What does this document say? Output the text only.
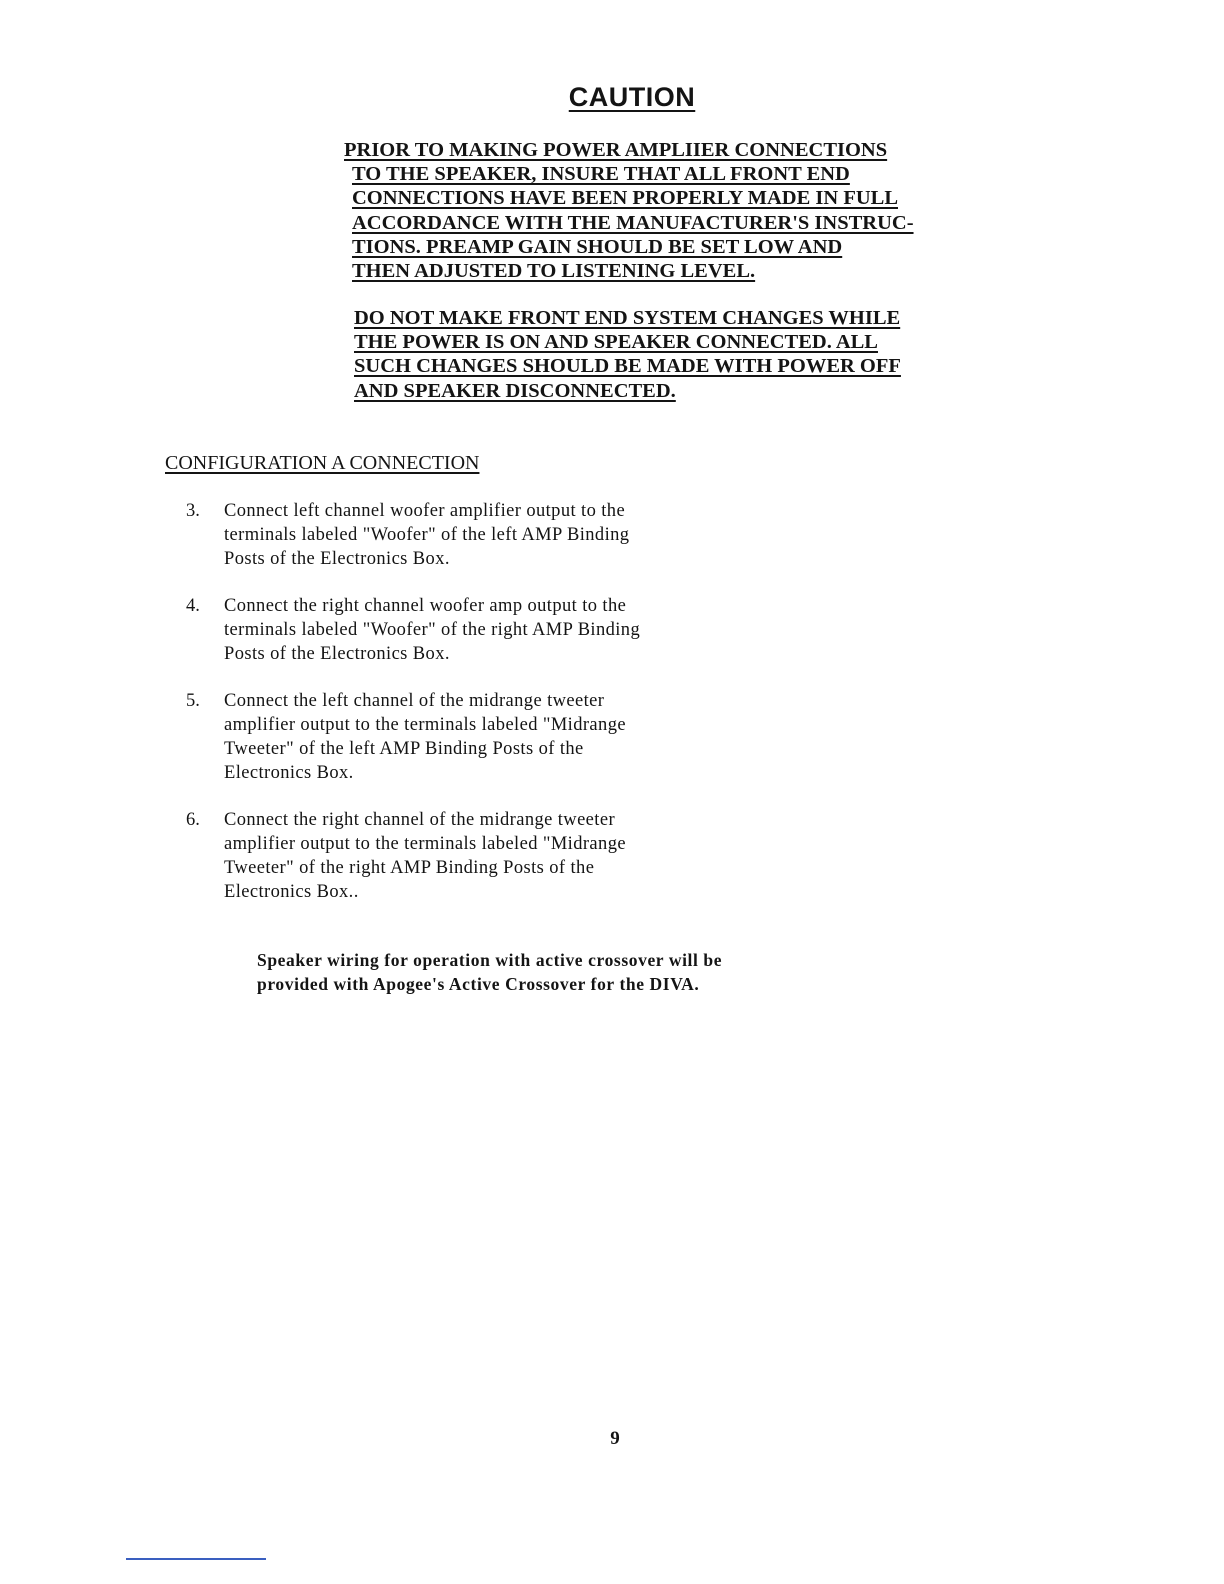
CAUTION
PRIOR TO MAKING POWER AMPLIIER CONNECTIONS
TO THE SPEAKER, INSURE THAT ALL FRONT END
CONNECTIONS HAVE BEEN PROPERLY MADE IN FULL
ACCORDANCE WITH THE MANUFACTURER'S INSTRUC-
TIONS. PREAMP GAIN SHOULD BE SET LOW AND
THEN ADJUSTED TO LISTENING LEVEL.
DO NOT MAKE FRONT END SYSTEM CHANGES WHILE
THE POWER IS ON AND SPEAKER CONNECTED. ALL
SUCH CHANGES SHOULD BE MADE WITH POWER OFF
AND SPEAKER DISCONNECTED.
CONFIGURATION A CONNECTION
3. Connect left channel woofer amplifier output to the
terminals labeled "Woofer" of the left AMP Binding
Posts of the Electronics Box.
4. Connect the right channel woofer amp output to the
terminals labeled "Woofer" of the right AMP Binding
Posts of the Electronics Box.
5. Connect the left channel of the midrange tweeter
amplifier output to the terminals labeled "Midrange
Tweeter" of the left AMP Binding Posts of the
Electronics Box.
6. Connect the right channel of the midrange tweeter
amplifier output to the terminals labeled "Midrange
Tweeter" of the right AMP Binding Posts of the
Electronics Box..
Speaker wiring for operation with active crossover will be
provided with Apogee's Active Crossover for the DIVA.
9
